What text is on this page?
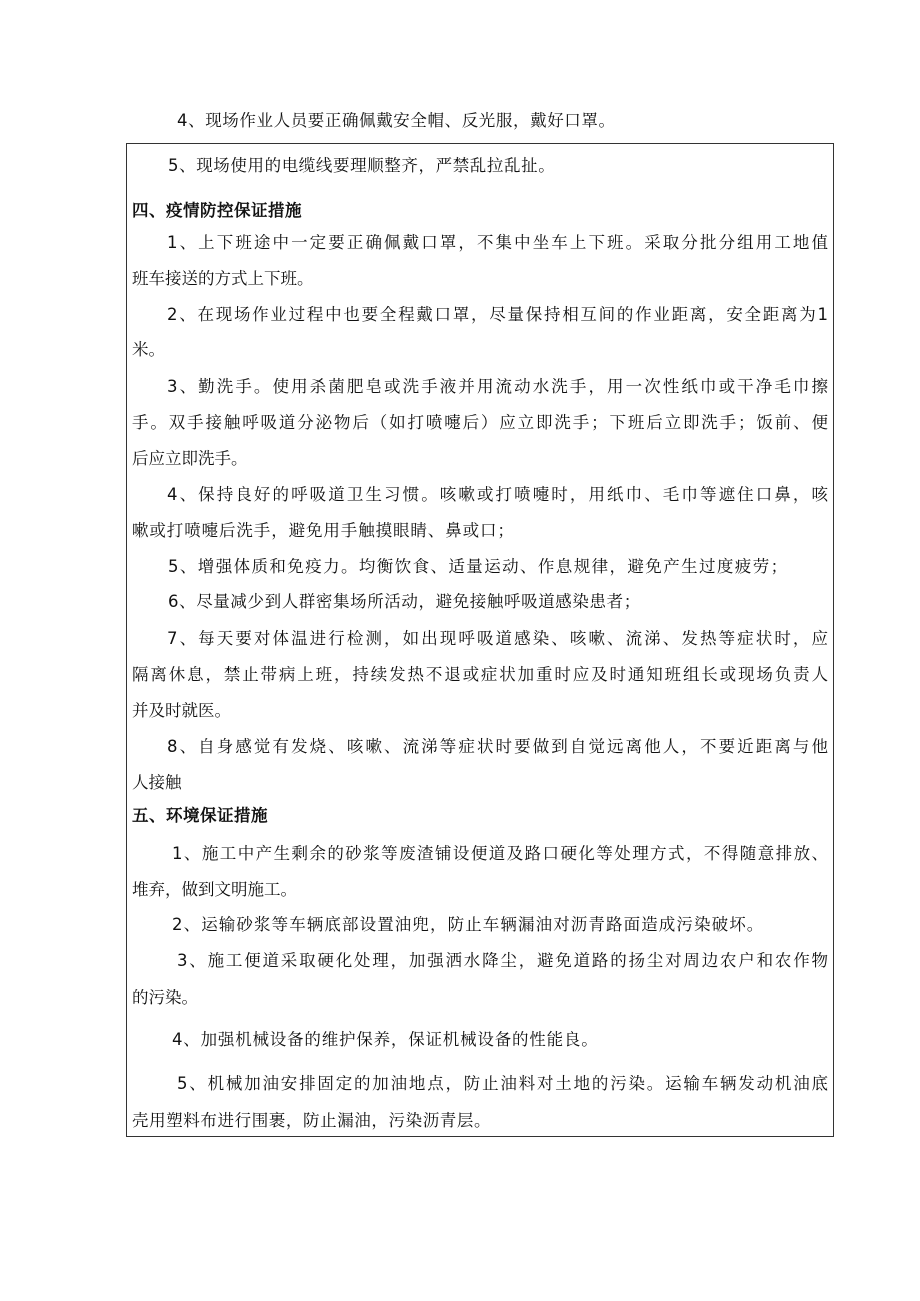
4、现场作业人员要正确佩戴安全帽、反光服，戴好口罩。
5、现场使用的电缆线要理顺整齐，严禁乱拉乱扯。
四、疫情防控保证措施
1、上下班途中一定要正确佩戴口罩，不集中坐车上下班。采取分批分组用工地值
班车接送的方式上下班。
2、在现场作业过程中也要全程戴口罩，尽量保持相互间的作业距离，安全距离为1
米。
3、勤洗手。使用杀菌肥皂或洗手液并用流动水洗手，用一次性纸巾或干净毛巾擦
手。双手接触呼吸道分泌物后（如打喷嚏后）应立即洗手；下班后立即洗手；饭前、便
后应立即洗手。
4、保持良好的呼吸道卫生习惯。咳嗽或打喷嚏时，用纸巾、毛巾等遮住口鼻，咳
嗽或打喷嚏后洗手，避免用手触摸眼睛、鼻或口；
5、增强体质和免疫力。均衡饮食、适量运动、作息规律，避免产生过度疲劳；
6、尽量减少到人群密集场所活动，避免接触呼吸道感染患者；
7、每天要对体温进行检测，如出现呼吸道感染、咳嗽、流涕、发热等症状时，应
隔离休息，禁止带病上班，持续发热不退或症状加重时应及时通知班组长或现场负责人
并及时就医。
8、自身感觉有发烧、咳嗽、流涕等症状时要做到自觉远离他人，不要近距离与他
人接触
五、环境保证措施
1、施工中产生剩余的砂浆等废渣铺设便道及路口硬化等处理方式，不得随意排放、
堆弃，做到文明施工。
2、运输砂浆等车辆底部设置油兜，防止车辆漏油对沥青路面造成污染破坏。
3、施工便道采取硬化处理，加强洒水降尘，避免道路的扬尘对周边农户和农作物
的污染。
4、加强机械设备的维护保养，保证机械设备的性能良。
5、机械加油安排固定的加油地点，防止油料对土地的污染。运输车辆发动机油底
壳用塑料布进行围裹，防止漏油，污染沥青层。
